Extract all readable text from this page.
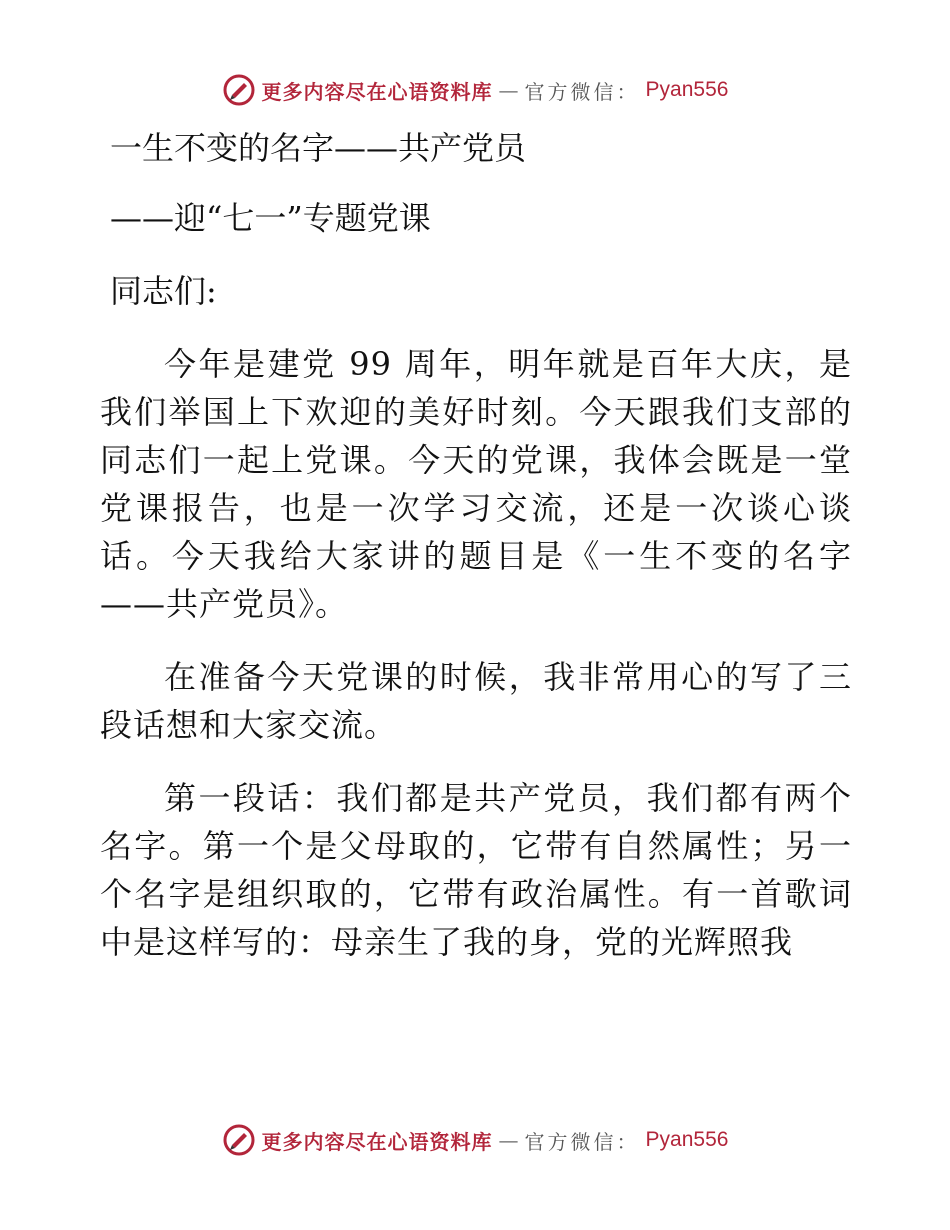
更多内容尽在心语资料库 — 官方微信： Pyan556

一生不变的名字——共产党员

——迎“七一”专题党课

同志们:

今年是建党 99 周年，明年就是百年大庆，是我们举国上下欢迎的美好时刻。今天跟我们支部的同志们一起上党课。今天的党课，我体会既是一堂党课报告，也是一次学习交流，还是一次谈心谈话。今天我给大家讲的题目是《一生不变的名字——共产党员》。

在准备今天党课的时候，我非常用心的写了三段话想和大家交流。

第一段话：我们都是共产党员，我们都有两个名字。第一个是父母取的，它带有自然属性；另一个名字是组织取的，它带有政治属性。有一首歌词中是这样写的：母亲生了我的身，党的光辉照我

更多内容尽在心语资料库 — 官方微信： Pyan556
